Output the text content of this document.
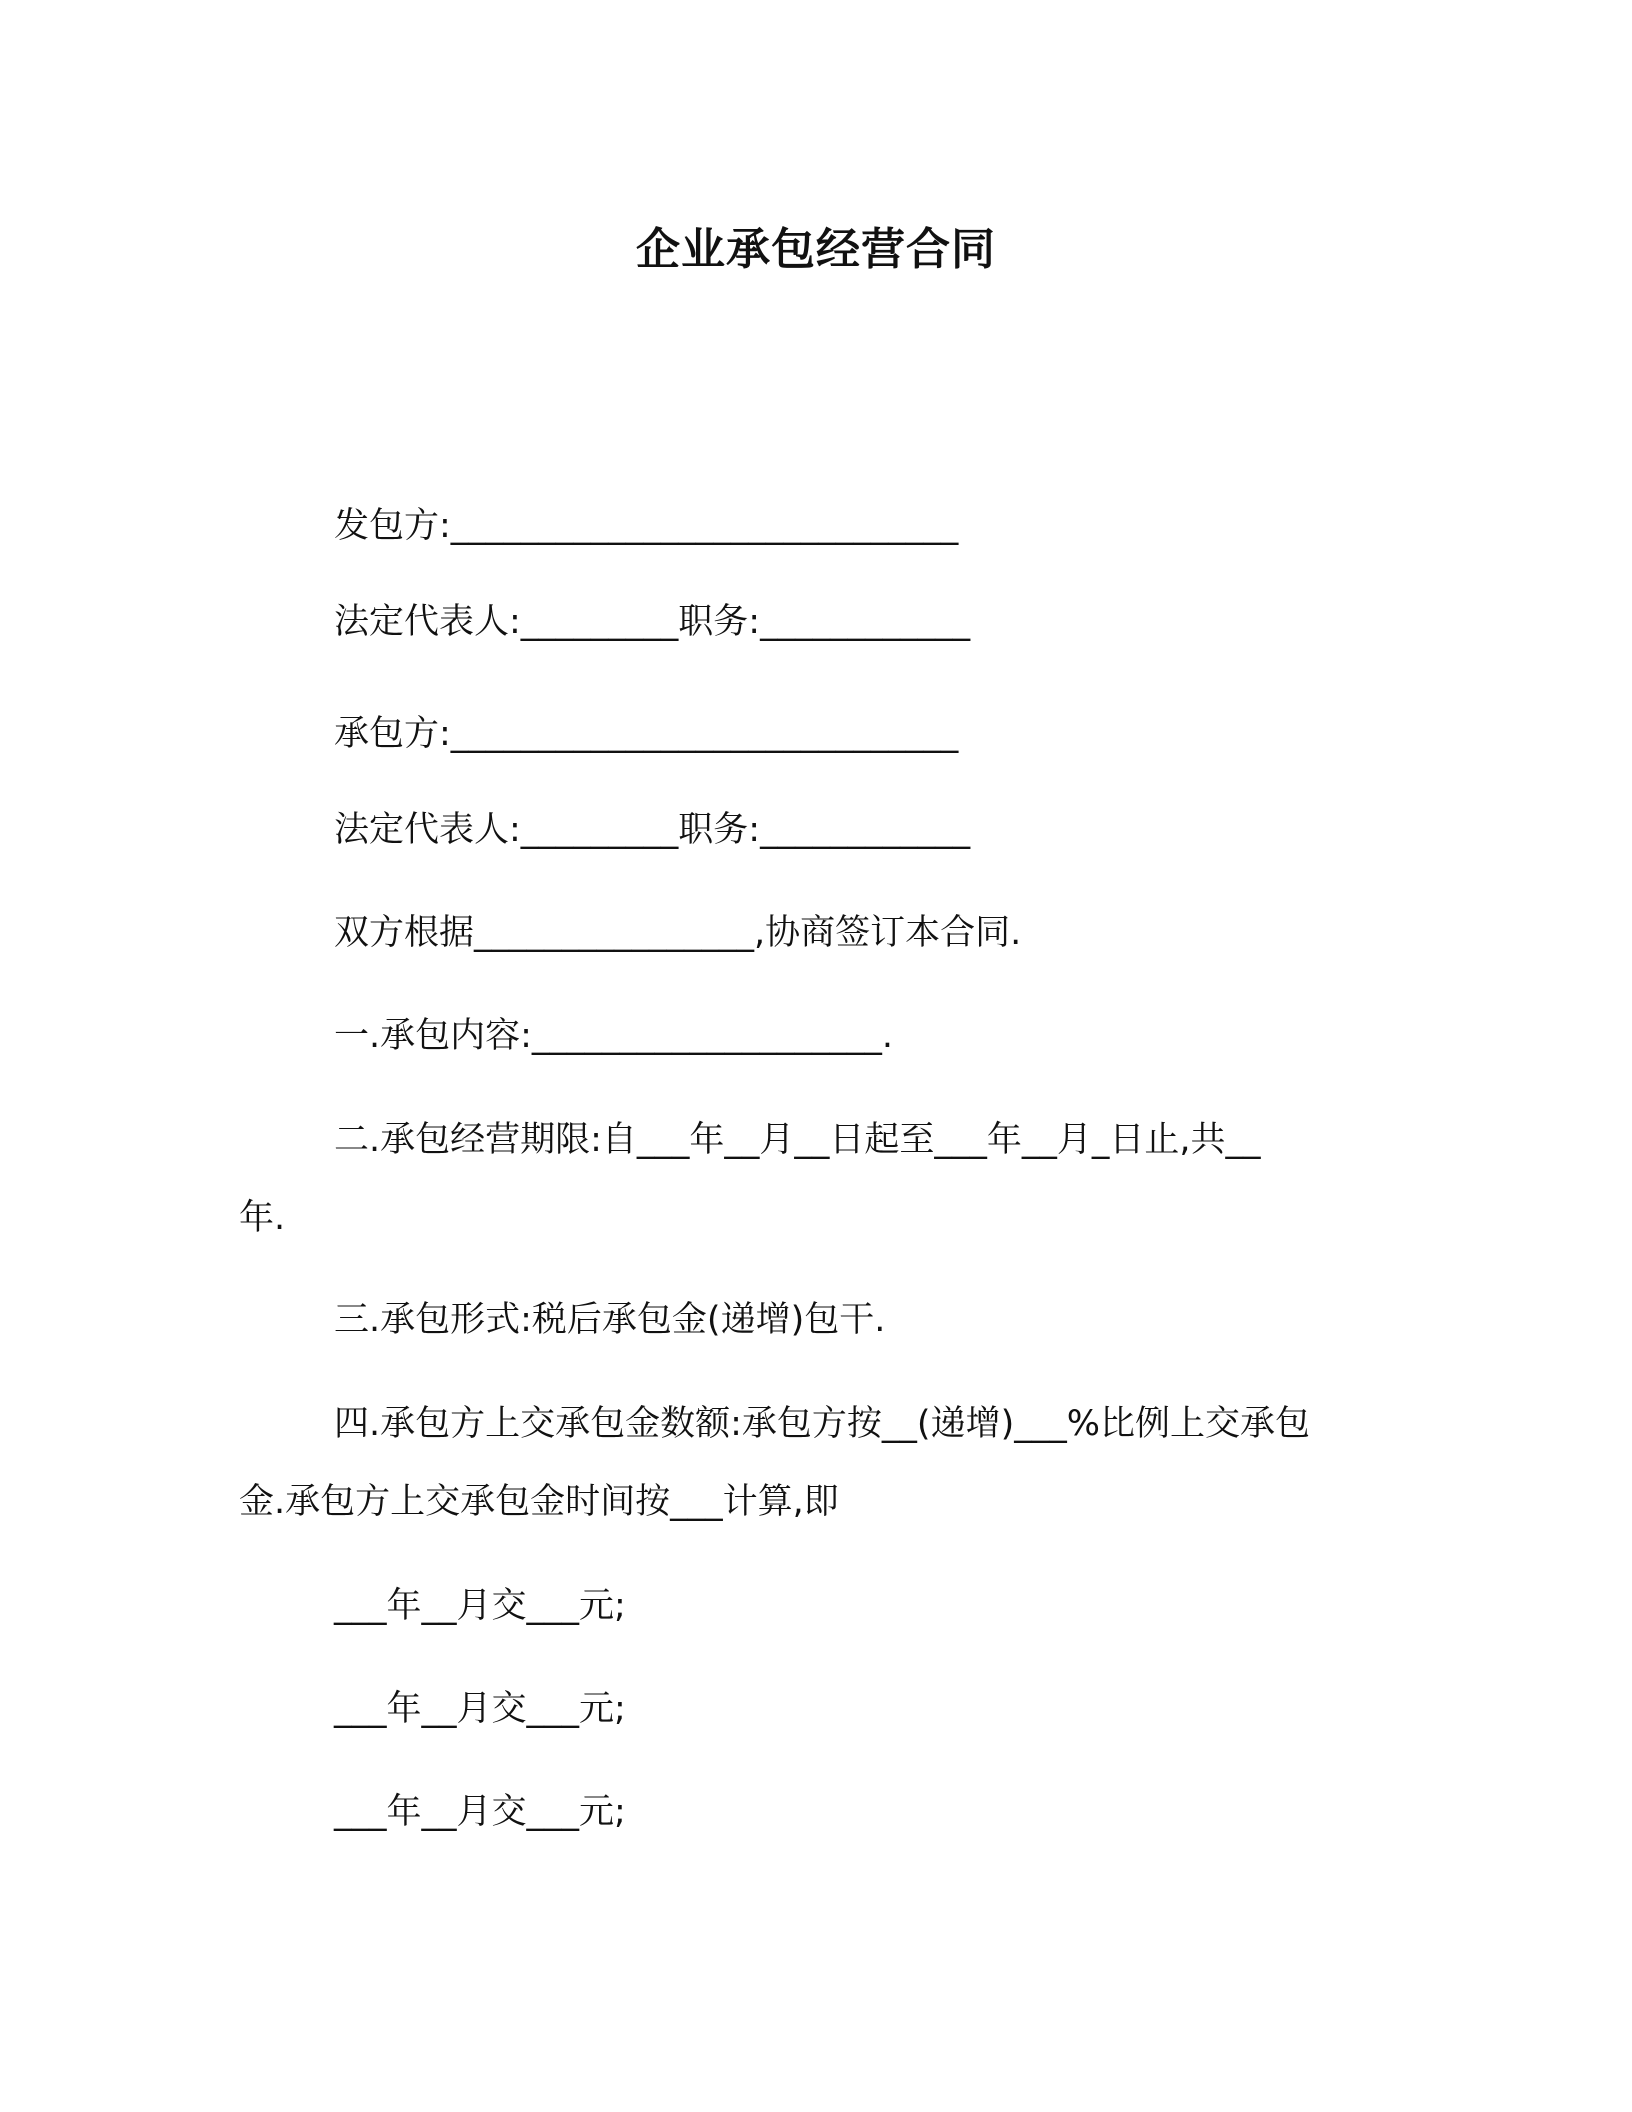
企业承包经营合同
发包方:_____________________________
法定代表人:_________职务:____________
承包方:_____________________________
法定代表人:_________职务:____________
双方根据________________,协商签订本合同.
一.承包内容:____________________.
二.承包经营期限:自___年__月__日起至___年__月_日止,共__
年.
三.承包形式:税后承包金(递增)包干.
四.承包方上交承包金数额:承包方按__(递增)___%比例上交承包
金.承包方上交承包金时间按___计算,即
___年__月交___元;
___年__月交___元;
___年__月交___元;
